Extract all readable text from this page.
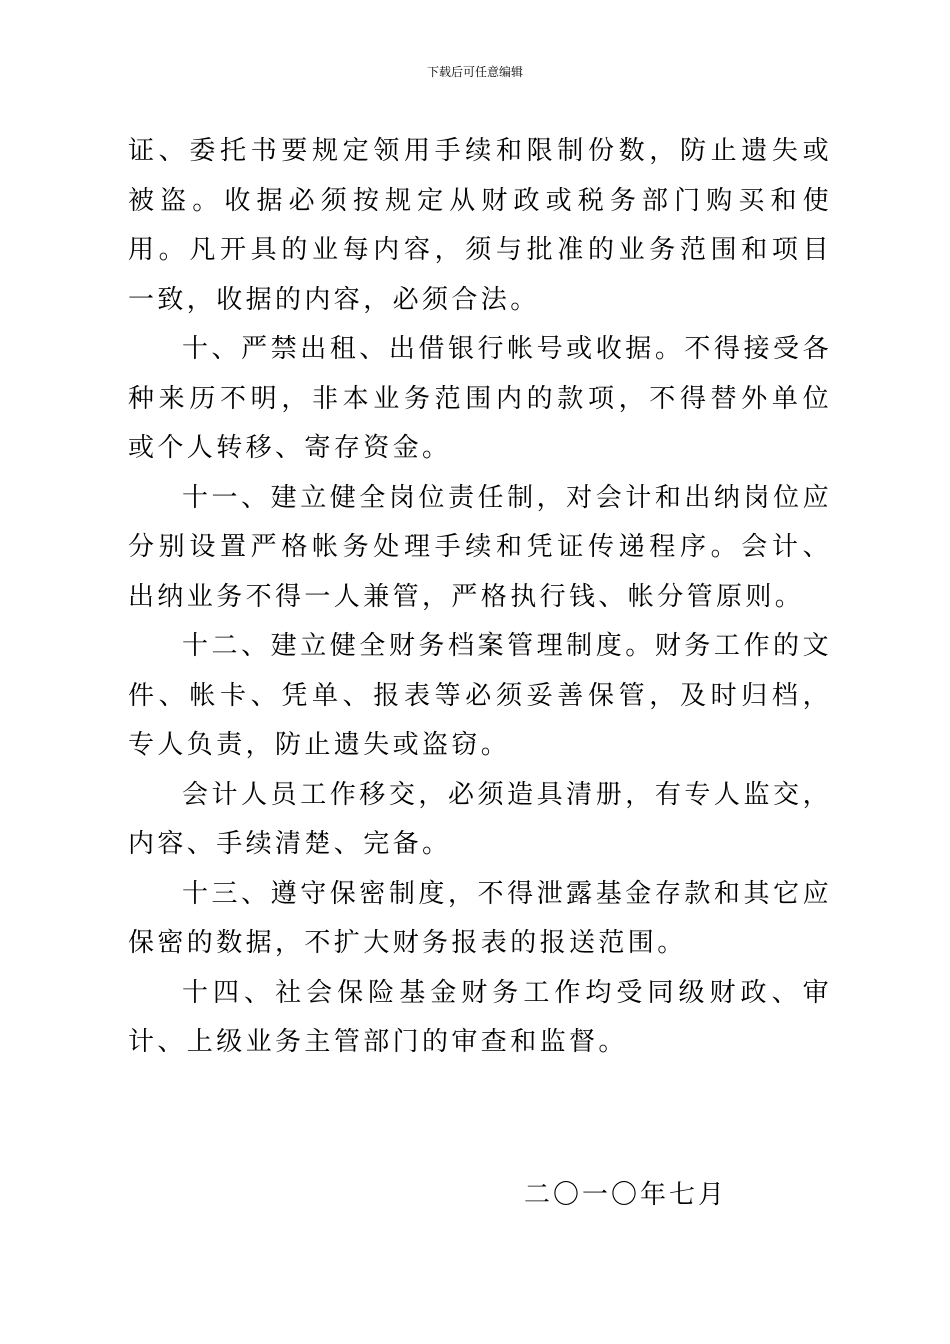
下载后可任意编辑

证、委托书要规定领用手续和限制份数，防止遗失或被盗。收据必须按规定从财政或税务部门购买和使用。凡开具的业每内容，须与批准的业务范围和项目一致，收据的内容，必须合法。

十、严禁出租、出借银行帐号或收据。不得接受各种来历不明，非本业务范围内的款项，不得替外单位或个人转移、寄存资金。

十一、建立健全岗位责任制，对会计和出纳岗位应分别设置严格帐务处理手续和凭证传递程序。会计、出纳业务不得一人兼管，严格执行钱、帐分管原则。

十二、建立健全财务档案管理制度。财务工作的文件、帐卡、凭单、报表等必须妥善保管，及时归档，专人负责，防止遗失或盗窃。

会计人员工作移交，必须造具清册，有专人监交，内容、手续清楚、完备。

十三、遵守保密制度，不得泄露基金存款和其它应保密的数据，不扩大财务报表的报送范围。

十四、社会保险基金财务工作均受同级财政、审计、上级业务主管部门的审查和监督。

二〇一〇年七月
